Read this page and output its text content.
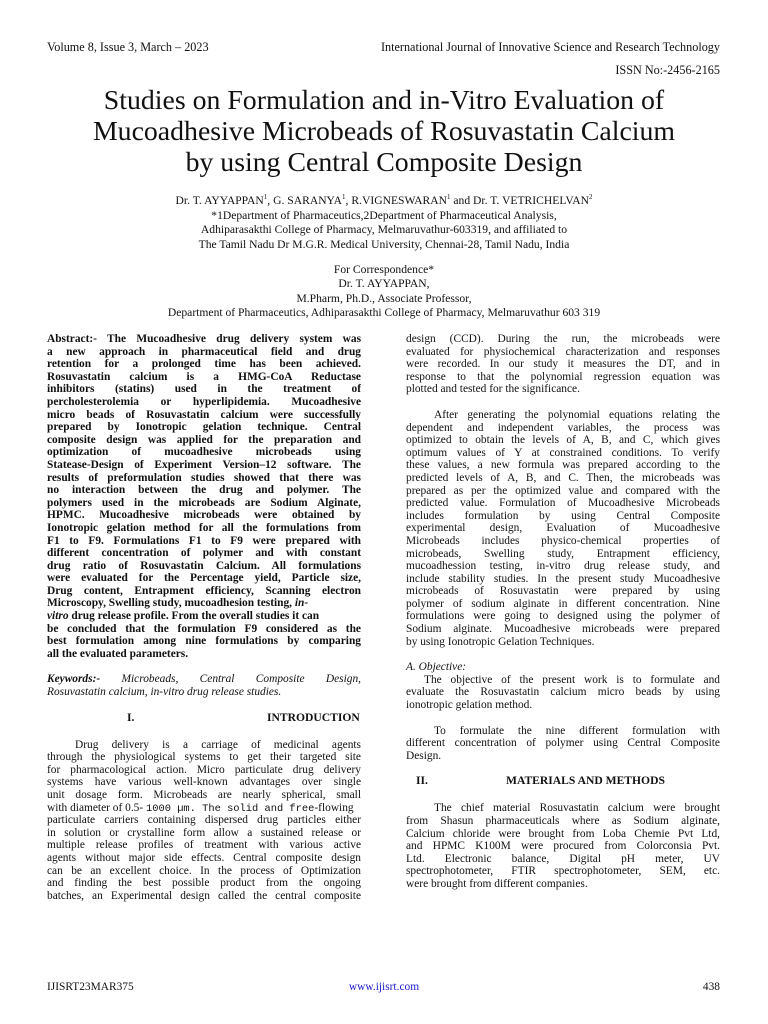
Volume 8, Issue 3, March – 2023	International Journal of Innovative Science and Research Technology
ISSN No:-2456-2165
Studies on Formulation and in-Vitro Evaluation of
Mucoadhesive Microbeads of Rosuvastatin Calcium
by using Central Composite Design
Dr. T. AYYAPPAN$^1$, G. SARANYA$^1$, R.VIGNESWARAN$^1$ and Dr. T. VETRICHELVAN$^2$
*1Department of Pharmaceutics,2Department of Pharmaceutical Analysis,
Adhiparasakthi College of Pharmacy, Melmaruvathur-603319, and affiliated to
The Tamil Nadu Dr M.G.R. Medical University, Chennai-28, Tamil Nadu, India
For Correspondence*
Dr. T. AYYAPPAN,
M.Pharm, Ph.D., Associate Professor,
Department of Pharmaceutics, Adhiparasakthi College of Pharmacy, Melmaruvathur 603 319
Abstract:- The Mucoadhesive drug delivery system was
a new approach in pharmaceutical field and drug
retention for a prolonged time has been achieved.
Rosuvastatin calcium is a HMG-CoA Reductase
inhibitors (statins) used in the treatment of
percholesterolemia or hyperlipidemia. Mucoadhesive
micro beads of Rosuvastatin calcium were successfully
prepared by Ionotropic gelation technique. Central
composite design was applied for the preparation and
optimization of mucoadhesive microbeads using
Statease-Design of Experiment Version–12 software. The
results of preformulation studies showed that there was
no interaction between the drug and polymer. The
polymers used in the microbeads are Sodium Alginate,
HPMC. Mucoadhesive microbeads were obtained by
Ionotropic gelation method for all the formulations from
F1 to F9. Formulations F1 to F9 were prepared with
different concentration of polymer and with constant
drug ratio of Rosuvastatin Calcium. All formulations
were evaluated for the Percentage yield, Particle size,
Drug content, Entrapment efficiency, Scanning electron
Microscopy, Swelling study, mucoadhesion testing, in-
vitro drug release profile. From the overall studies it can
be concluded that the formulation F9 considered as the
best formulation among nine formulations by comparing
all the evaluated parameters.
Keywords:- Microbeads, Central Composite Design,
Rosuvastatin calcium, in-vitro drug release studies.
I.	INTRODUCTION
Drug delivery is a carriage of medicinal agents
through the physiological systems to get their targeted site
for pharmacological action. Micro particulate drug delivery
systems have various well-known advantages over single
unit dosage form. Microbeads are nearly spherical, small
with diameter of 0.5- 1000 µm. The solid and free-flowing
particulate carriers containing dispersed drug particles either
in solution or crystalline form allow a sustained release or
multiple release profiles of treatment with various active
agents without major side effects. Central composite design
can be an excellent choice. In the process of Optimization
and finding the best possible product from the ongoing
batches, an Experimental design called the central composite
design (CCD). During the run, the microbeads were
evaluated for physiochemical characterization and responses
were recorded. In our study it measures the DT, and in
response to that the polynomial regression equation was
plotted and tested for the significance.
After generating the polynomial equations relating the
dependent and independent variables, the process was
optimized to obtain the levels of A, B, and C, which gives
optimum values of Y at constrained conditions. To verify
these values, a new formula was prepared according to the
predicted levels of A, B, and C. Then, the microbeads was
prepared as per the optimized value and compared with the
predicted value. Formulation of Mucoadhesive Microbeads
includes formulation by using Central Composite
experimental design, Evaluation of Mucoadhesive
Microbeads includes physico-chemical properties of
microbeads, Swelling study, Entrapment efficiency,
mucoadhession testing, in-vitro drug release study, and
include stability studies. In the present study Mucoadhesive
microbeads of Rosuvastatin were prepared by using
polymer of sodium alginate in different concentration. Nine
formulations were going to designed using the polymer of
Sodium alginate. Mucoadhesive microbeads were prepared
by using Ionotropic Gelation Techniques.
A. Objective:
The objective of the present work is to formulate and
evaluate the Rosuvastatin calcium micro beads by using
ionotropic gelation method.
To formulate the nine different formulation with
different concentration of polymer using Central Composite
Design.
II.	MATERIALS AND METHODS
The chief material Rosuvastatin calcium were brought
from Shasun pharmaceuticals where as Sodium alginate,
Calcium chloride were brought from Loba Chemie Pvt Ltd,
and HPMC K100M were procured from Colorconsia Pvt.
Ltd. Electronic balance, Digital pH meter, UV
spectrophotometer, FTIR spectrophotometer, SEM, etc.
were brought from different companies.
IJISRT23MAR375	www.ijisrt.com	438
